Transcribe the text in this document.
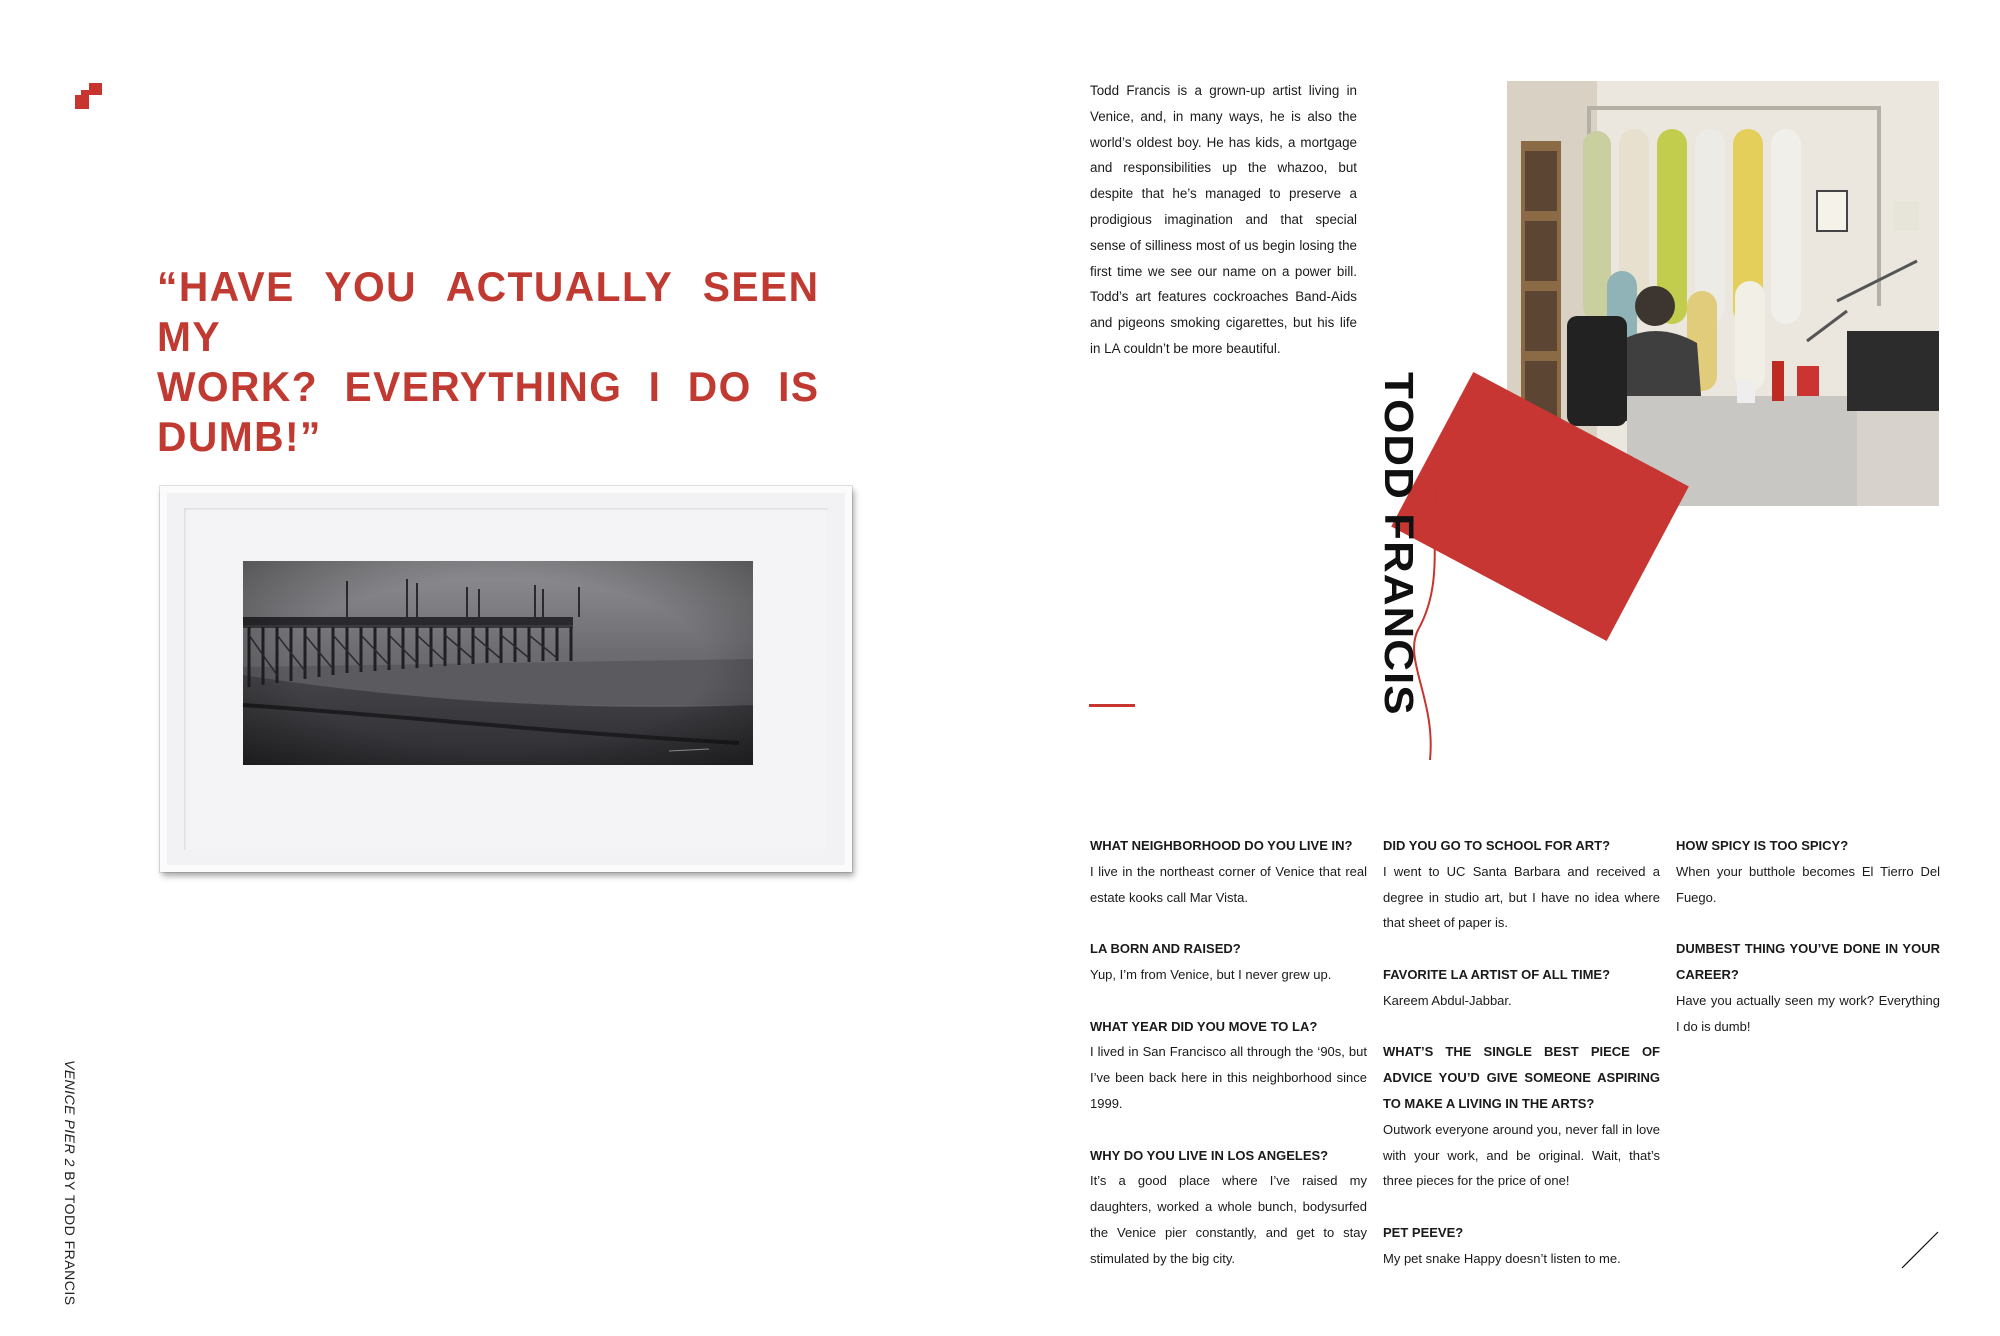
“HAVE YOU ACTUALLY SEEN MY
WORK? EVERYTHING I DO IS DUMB!”
VENICE PIER 2 BY TODD FRANCIS
Todd Francis is a grown-up artist living in Venice, and, in many ways, he is also the world’s oldest boy. He has kids, a mortgage and responsibilities up the whazoo, but despite that he’s managed to preserve a prodigious imagination and that special sense of silliness most of us begin losing the first time we see our name on a power bill. Todd’s art features cockroaches Band-Aids and pigeons smoking cigarettes, but his life in LA couldn’t be more beautiful.
TODD FRANCIS
WHAT NEIGHBORHOOD DO YOU LIVE IN?
I live in the northeast corner of Venice that real estate kooks call Mar Vista.
LA BORN AND RAISED?
Yup, I’m from Venice, but I never grew up.
WHAT YEAR DID YOU MOVE TO LA?
I lived in San Francisco all through the ‘90s, but I’ve been back here in this neighborhood since 1999.
WHY DO YOU LIVE IN LOS ANGELES?
It’s a good place where I’ve raised my daughters, worked a whole bunch, bodysurfed the Venice pier constantly, and get to stay stimulated by the big city.
DID YOU GO TO SCHOOL FOR ART?
I went to UC Santa Barbara and received a degree in studio art, but I have no idea where that sheet of paper is.
FAVORITE LA ARTIST OF ALL TIME?
Kareem Abdul-Jabbar.
WHAT’S THE SINGLE BEST PIECE OF ADVICE YOU’D GIVE SOMEONE ASPIRING TO MAKE A LIVING IN THE ARTS?
Outwork everyone around you, never fall in love with your work, and be original. Wait, that’s three pieces for the price of one!
PET PEEVE?
My pet snake Happy doesn’t listen to me.
HOW SPICY IS TOO SPICY?
When your butthole becomes El Tierro Del Fuego.
DUMBEST THING YOU’VE DONE IN YOUR CAREER?
Have you actually seen my work? Everything I do is dumb!
